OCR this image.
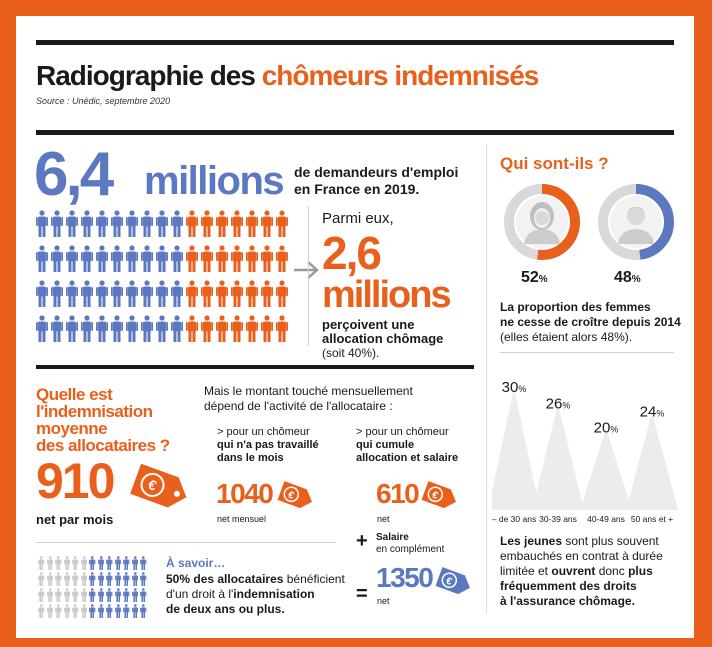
Radiographie des chômeurs indemnisés
Source : Unédic, septembre 2020
6,4 millions de demandeurs d'emploi
en France en 2019.
Parmi eux,
2,6
millions
perçoivent une
allocation chômage
(soit 40%).
Qui sont-ils ?
52%	48%
La proportion des femmes
ne cesse de croître depuis 2014
(elles étaient alors 48%).
30%
– de 30 ans
26%
30-39 ans
20%
40-49 ans
24%
50 ans et +
Les jeunes sont plus souvent
embauchés en contrat à durée
limitée et ouvrent donc plus
fréquemment des droits
à l'assurance chômage.
Quelle est
l'indemnisation
moyenne
des allocataires ?
910 €
net par mois
Mais le montant touché mensuellement
dépend de l'activité de l'allocataire :
> pour un chômeur
qui n'a pas travaillé
dans le mois
1040 €
net mensuel
> pour un chômeur
qui cumule
allocation et salaire
610 €
net
+ Salaire
en complément
=
1350 €
net
À savoir…
50% des allocataires bénéficient
d'un droit à l'indemnisation
de deux ans ou plus.
